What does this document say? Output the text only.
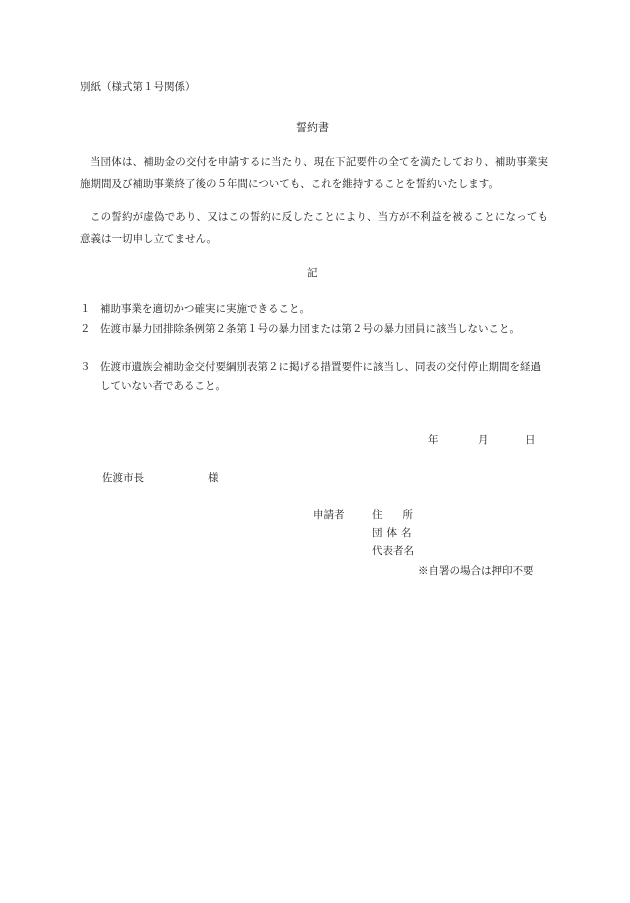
別紙（様式第１号関係）
誓約書

当団体は、補助金の交付を申請するに当たり、現在下記要件の全てを満たしており、補助事業実施期間及び補助事業終了後の５年間についても、これを維持することを誓約いたします。

この誓約が虚偽であり、又はこの誓約に反したことにより、当方が不利益を被ることになっても意義は一切申し立てません。

記
１ 補助事業を適切かつ確実に実施できること。
２ 佐渡市暴力団排除条例第２条第１号の暴力団または第２号の暴力団員に該当しないこと。
３ 佐渡市遺族会補助金交付要綱別表第２に掲げる措置要件に該当し、同表の交付停止期間を経過していない者であること。
年	月	日
佐渡市長	様
申請者	住所
団体名
代表者名
※自署の場合は押印不要
